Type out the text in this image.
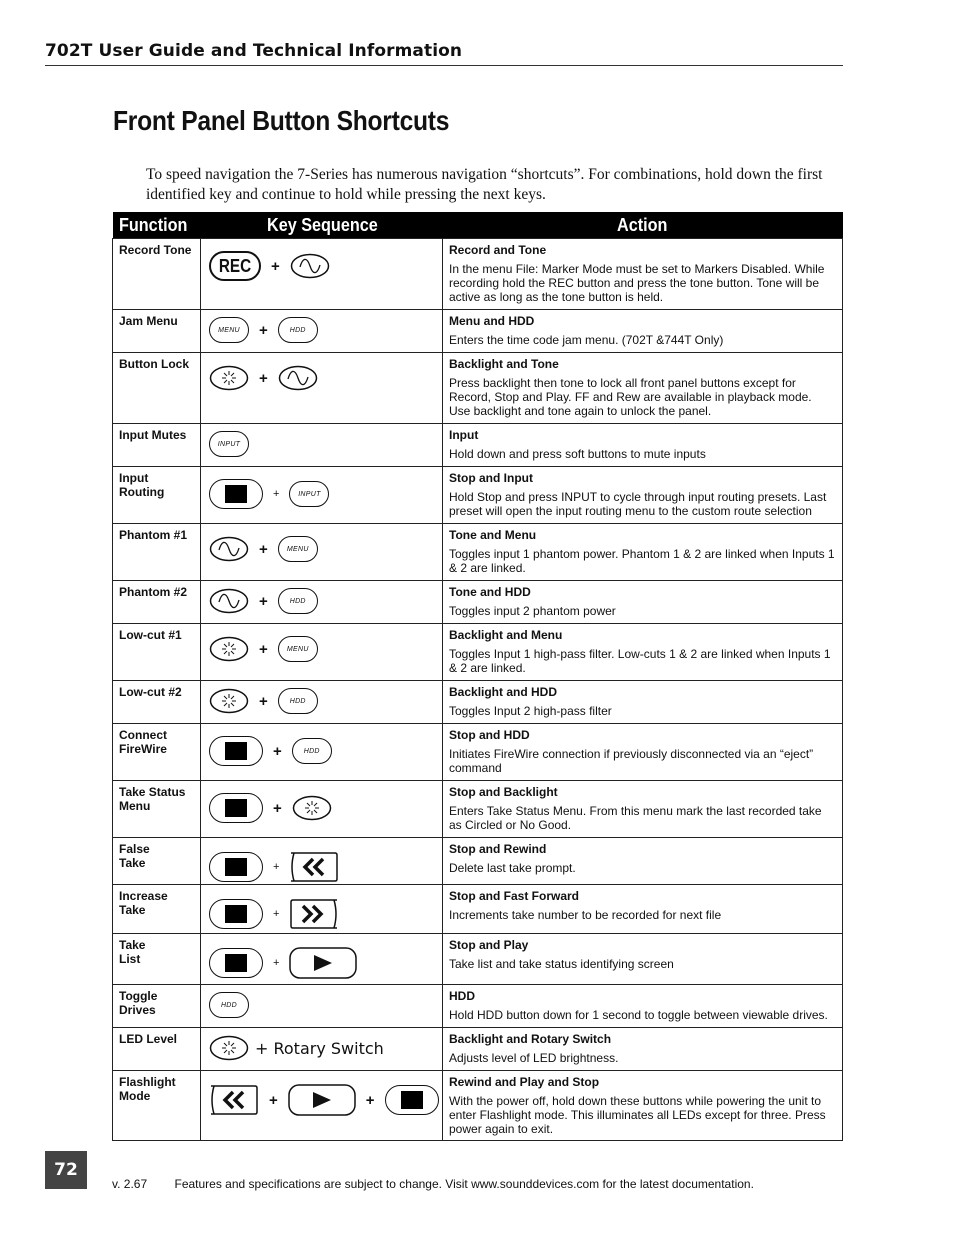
702T User Guide and Technical Information
Front Panel Button Shortcuts
To speed navigation the 7-Series has numerous navigation “shortcuts”. For combinations, hold down the first identified key and continue to hold while pressing the next keys.
Function	Key Sequence	Action
Record Tone	REC +	Record and Tone
In the menu File: Marker Mode must be set to Markers Disabled. While recording hold the REC button and press the tone button. Tone will be active as long as the tone button is held.

Jam Menu	MENU + HDD	Menu and HDD
Enters the time code jam menu. (702T &744T Only)

Button Lock	+	Backlight and Tone
Press backlight then tone to lock all front panel buttons except for Record, Stop and Play. FF and Rew are available in playback mode. Use backlight and tone again to unlock the panel.

Input Mutes	INPUT	Input
Hold down and press soft buttons to mute inputs

Input
Routing	+ INPUT	Stop and Input
Hold Stop and press INPUT to cycle through input routing presets. Last preset will open the input routing menu to the custom route selection

Phantom #1	+ MENU	Tone and Menu
Toggles input 1 phantom power. Phantom 1 & 2 are linked when Inputs 1 & 2 are linked.

Phantom #2	+ HDD	Tone and HDD
Toggles input 2 phantom power

Low-cut #1	+ MENU	Backlight and Menu
Toggles Input 1 high-pass filter. Low-cuts 1 & 2 are linked when Inputs 1 & 2 are linked.

Low-cut #2	+ HDD	Backlight and HDD
Toggles Input 2 high-pass filter

Connect
FireWire	+ HDD	Stop and HDD
Initiates FireWire connection if previously disconnected via an “eject” command

Take Status
Menu	+	Stop and Backlight
Enters Take Status Menu. From this menu mark the last recorded take as Circled or No Good.

False
Take	+	Stop and Rewind
Delete last take prompt.

Increase
Take	+	Stop and Fast Forward
Increments take number to be recorded for next file

Take
List	+	Stop and Play
Take list and take status identifying screen

Toggle
Drives	HDD	HDD
Hold HDD button down for 1 second to toggle between viewable drives.

LED Level	+ Rotary Switch	Backlight and Rotary Switch
Adjusts level of LED brightness.

Flashlight
Mode	+ +	Rewind and Play and Stop
With the power off, hold down these buttons while powering the unit to enter Flashlight mode. This illuminates all LEDs except for three. Press power again to exit.
72
v. 2.67 Features and specifications are subject to change. Visit www.sounddevices.com for the latest documentation.
